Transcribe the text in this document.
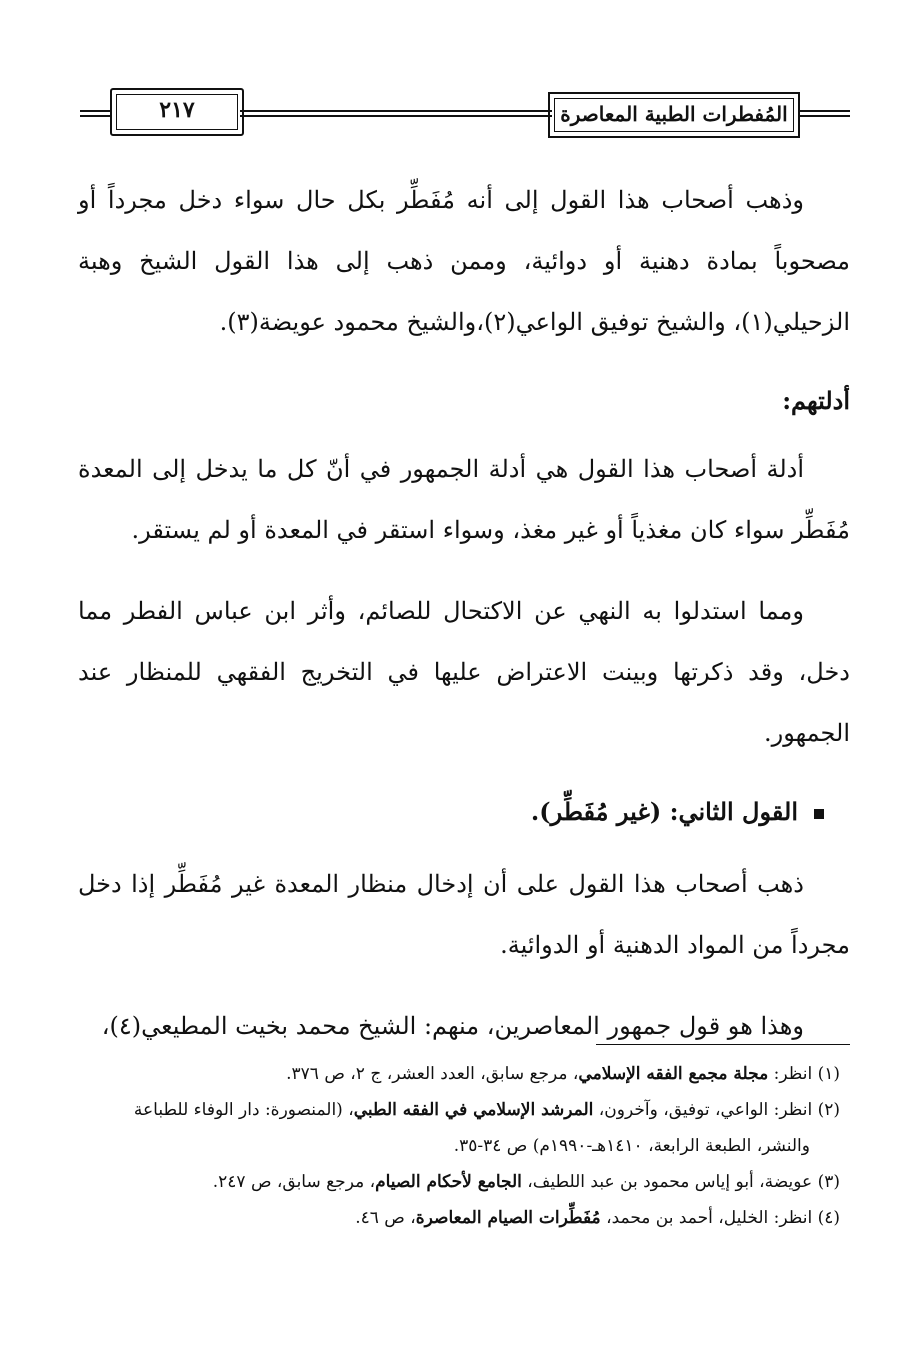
٢١٧	المُفطرات الطبية المعاصرة

وذهب أصحاب هذا القول إلى أنه مُفَطِّر بكل حال سواء دخل مجرداً أو مصحوباً بمادة دهنية أو دوائية، وممن ذهب إلى هذا القول الشيخ وهبة الزحيلي(١)، والشيخ توفيق الواعي(٢)،والشيخ محمود عويضة(٣).

أدلتهم:

أدلة أصحاب هذا القول هي أدلة الجمهور في أنّ كل ما يدخل إلى المعدة مُفَطِّر سواء كان مغذياً أو غير مغذ، وسواء استقر في المعدة أو لم يستقر.

ومما استدلوا به النهي عن الاكتحال للصائم، وأثر ابن عباس الفطر مما دخل، وقد ذكرتها وبينت الاعتراض عليها في التخريج الفقهي للمنظار عند الجمهور.

القول الثاني: (غير مُفَطِّر).

ذهب أصحاب هذا القول على أن إدخال منظار المعدة غير مُفَطِّر إذا دخل مجرداً من المواد الدهنية أو الدوائية.

وهذا هو قول جمهور المعاصرين، منهم: الشيخ محمد بخيت المطيعي(٤)،

(١) انظر: مجلة مجمع الفقه الإسلامي، مرجع سابق، العدد العشر، ج ٢، ص ٣٧٦.

(٢) انظر: الواعي، توفيق، وآخرون، المرشد الإسلامي في الفقه الطبي، (المنصورة: دار الوفاء للطباعة

والنشر، الطبعة الرابعة، ١٤١٠هـ-١٩٩٠م) ص ٣٤-٣٥.

(٣) عويضة، أبو إياس محمود بن عبد اللطيف، الجامع لأحكام الصيام، مرجع سابق، ص ٢٤٧.

(٤) انظر: الخليل، أحمد بن محمد، مُفَطِّرات الصيام المعاصرة، ص ٤٦.
